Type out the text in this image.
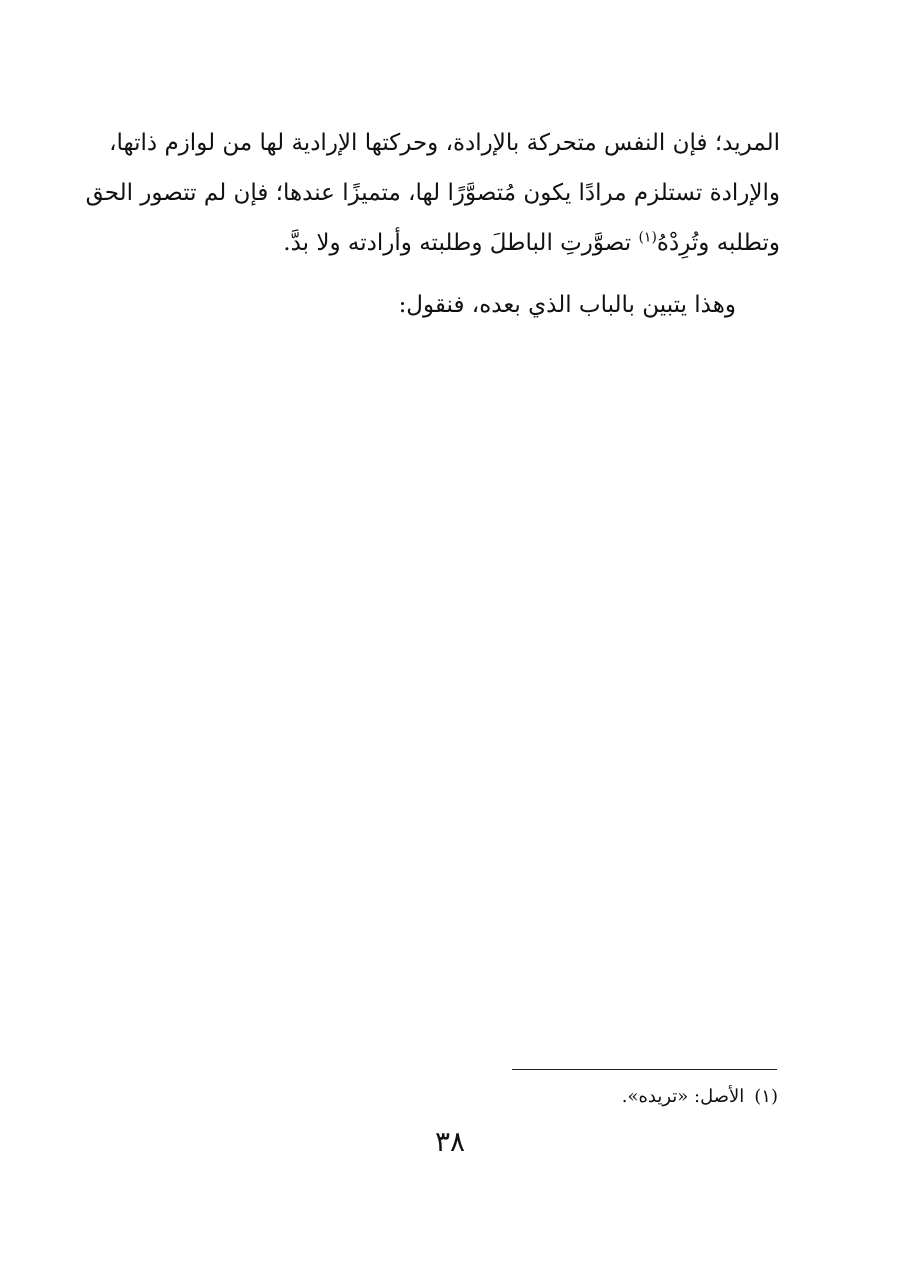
المريد؛ فإن النفس متحركة بالإرادة، وحركتها الإرادية لها من لوازم ذاتها،
والإرادة تستلزم مرادًا يكون مُتصوَّرًا لها، متميزًا عندها؛ فإن لم تتصور الحق
وتطلبه وتُرِدْهُ$^{(١)}$ تصوَّرتِ الباطلَ وطلبته وأرادته ولا بدَّ.
وهذا يتبين بالباب الذي بعده، فنقول:
(١)الأصل: «تريده».
٣٨
